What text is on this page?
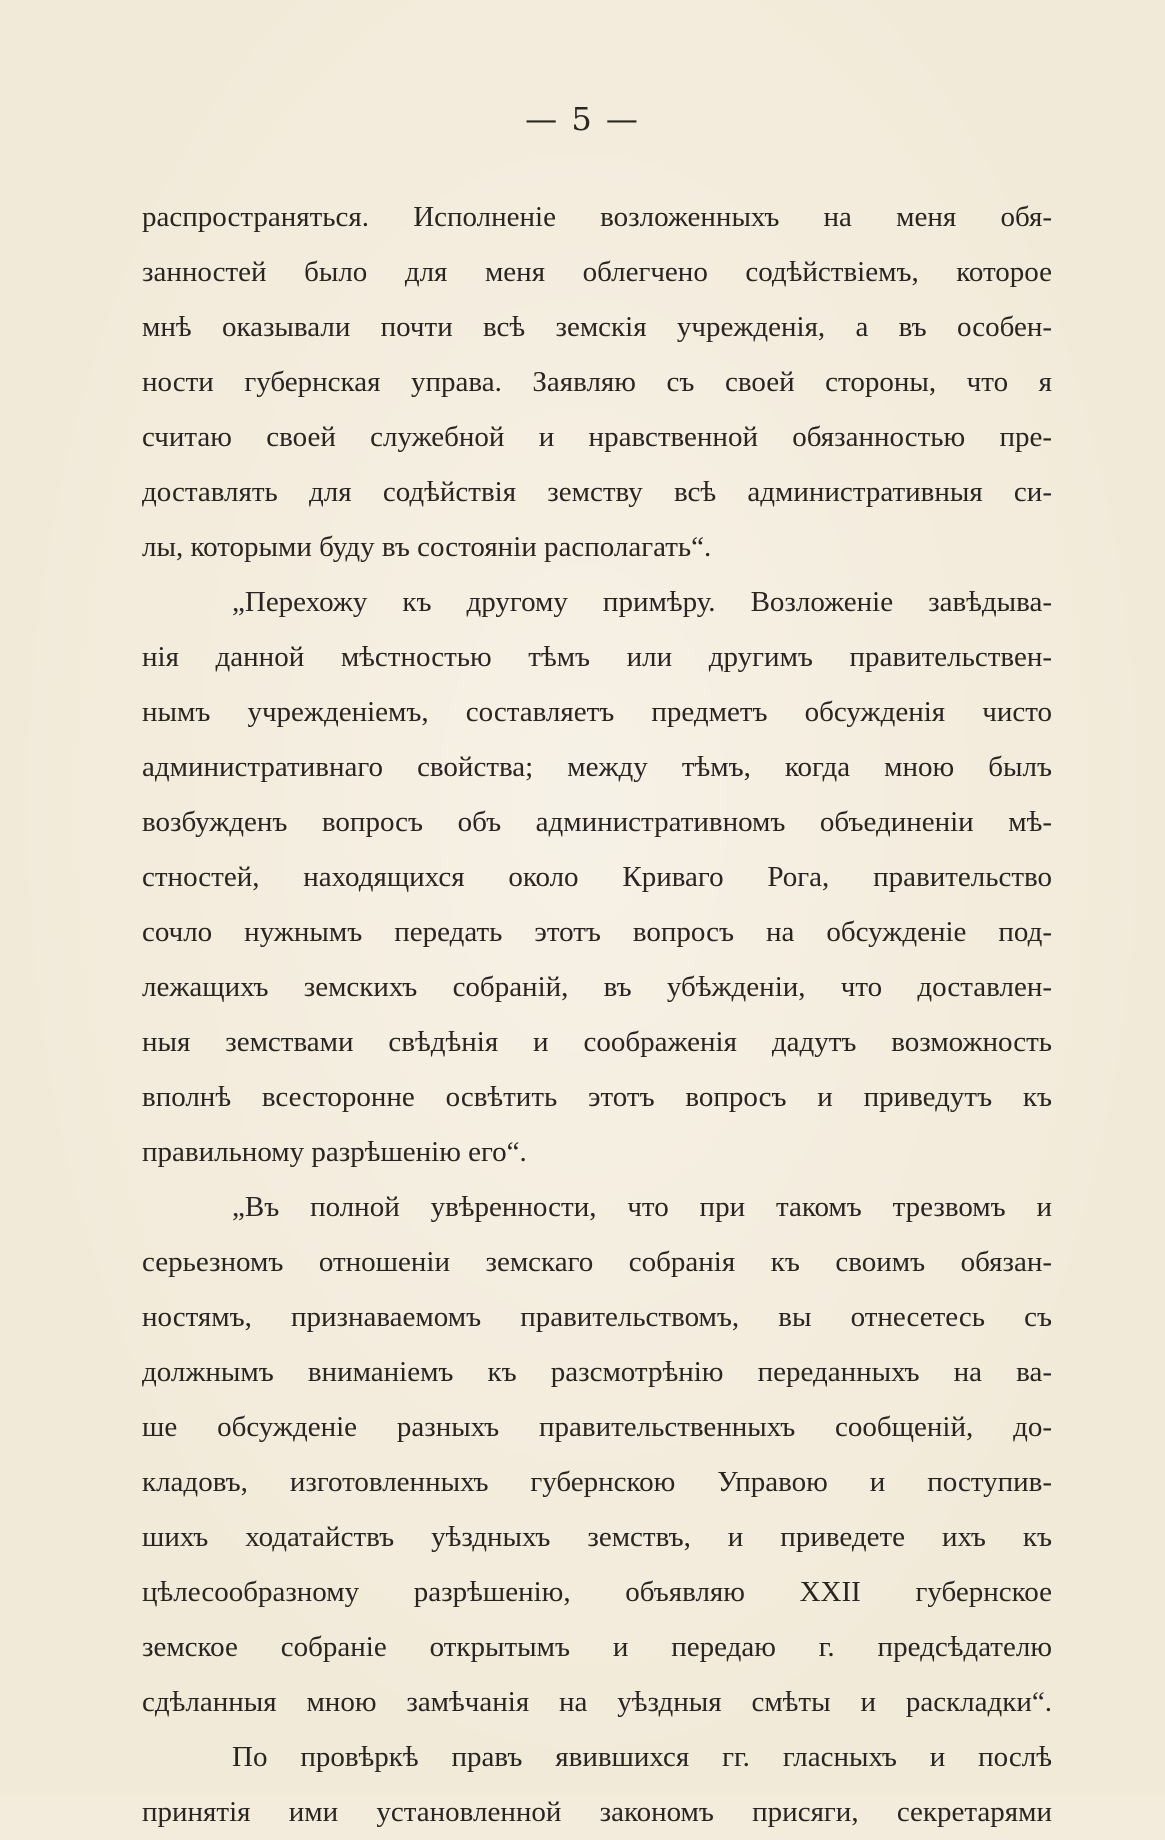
— 5 —
распространяться. Исполненіе возложенныхъ на меня обя-
занностей было для меня облегчено содѣйствіемъ, которое
мнѣ оказывали почти всѣ земскія учрежденія, а въ особен-
ности губернская управа. Заявляю съ своей стороны, что я
считаю своей служебной и нравственной обязанностью пре-
доставлять для содѣйствія земству всѣ административныя си-
лы, которыми буду въ состояніи располагать“.
„Перехожу къ другому примѣру. Возложеніе завѣдыва-
нія данной мѣстностью тѣмъ или другимъ правительствен-
нымъ учрежденіемъ, составляетъ предметъ обсужденія чисто
административнаго свойства; между тѣмъ, когда мною былъ
возбужденъ вопросъ объ административномъ объединеніи мѣ-
стностей, находящихся около Криваго Рога, правительство
сочло нужнымъ передать этотъ вопросъ на обсужденіе под-
лежащихъ земскихъ собраній, въ убѣжденіи, что доставлен-
ныя земствами свѣдѣнія и соображенія дадутъ возможность
вполнѣ всесторонне освѣтить этотъ вопросъ и приведутъ къ
правильному разрѣшенію его“.
„Въ полной увѣренности, что при такомъ трезвомъ и
серьезномъ отношеніи земскаго собранія къ своимъ обязан-
ностямъ, признаваемомъ правительствомъ, вы отнесетесь съ
должнымъ вниманіемъ къ разсмотрѣнію переданныхъ на ва-
ше обсужденіе разныхъ правительственныхъ сообщеній, до-
кладовъ, изготовленныхъ губернскою Управою и поступив-
шихъ ходатайствъ уѣздныхъ земствъ, и приведете ихъ къ
цѣлесообразному разрѣшенію, объявляю XXII губернское
земское собраніе открытымъ и передаю г. предсѣдателю
сдѣланныя мною замѣчанія на уѣздныя смѣты и раскладки“.
По провѣркѣ правъ явившихся гг. гласныхъ и послѣ
принятія ими установленной закономъ присяги, секретарями
